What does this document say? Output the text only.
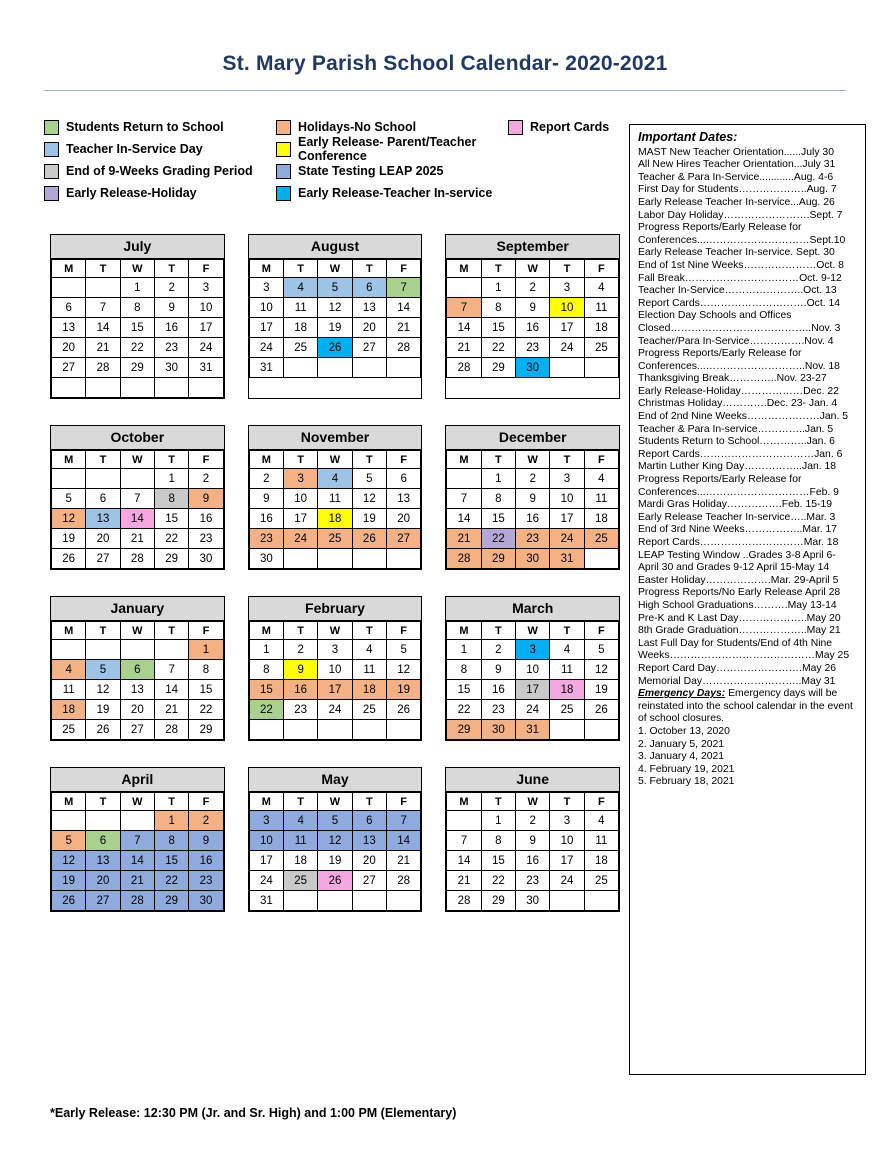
St. Mary Parish School Calendar- 2020-2021
Students Return to School	Holidays-No School	Report Cards
Teacher In-Service Day	Early Release- Parent/Teacher Conference

End of 9-Weeks Grading Period	State Testing LEAP 2025

Early Release-Holiday	Early Release-Teacher In-service

Important Dates:
MAST New Teacher Orientation......July 30
All New Hires Teacher Orientation...July 31
Teacher & Para In-Service............Aug. 4-6
First Day for Students………………..Aug. 7
Early Release Teacher In-service...Aug. 26
Labor Day Holiday…………………….Sept. 7
Progress Reports/Early Release for
Conferences...…………………………Sept.10
Early Release Teacher In-service. Sept. 30
End of 1st Nine Weeks…………………Oct. 8
Fall Break……………………………Oct. 9-12
Teacher In-Service…………………..Oct. 13
Report Cards………………………….Oct. 14
Election Day Schools and Offices
Closed…………………………………..Nov. 3
Teacher/Para In-Service…………….Nov. 4
Progress Reports/Early Release for
Conferences...………………………..Nov. 18
Thanksgiving Break…………..Nov. 23-27
Early Release-Holiday………………Dec. 22
Christmas Holiday………….Dec. 23- Jan. 4
End of 2nd Nine Weeks…………………Jan. 5
Teacher & Para In-service…………..Jan. 5
Students Return to School…………..Jan. 6
Report Cards……………………………Jan. 6
Martin Luther King Day……………..Jan. 18
Progress Reports/Early Release for
Conferences...…………………………Feb. 9
Mardi Gras Holiday…………….Feb. 15-19
Early Release Teacher In-service…..Mar. 3
End of 3rd Nine Weeks……………..Mar. 17
Report Cards…………………………Mar. 18
LEAP Testing Window ..Grades 3-8 April 6-
April 30 and Grades 9-12 April 15-May 14
Easter Holiday……………….Mar. 29-April 5
Progress Reports/No Early Release April 28
High School Graduations……….May 13-14
Pre-K and K Last Day………………..May 20
8th Grade Graduation………………..May 21
Last Full Day for Students/End of 4th Nine
Weeks……………………………………May 25
Report Card Day…………………….May 26
Memorial Day………………………..May 31
Emergency Days: Emergency days will be reinstated into the school calendar in the event of school closures.
1. October 13, 2020
2. January 5, 2021
3. January 4, 2021
4. February 19, 2021
5. February 18, 2021
July
M	T	W	T	F
		1	2	3
6	7	8	9	10
13	14	15	16	17
20	21	22	23	24
27	28	29	30	31

August
M	T	W	T	F
3	4	5	6	7
10	11	12	13	14
17	18	19	20	21
24	25	26	27	28
31				
September
M	T	W	T	F
	1	2	3	4
7	8	9	10	11
14	15	16	17	18
21	22	23	24	25
28	29	30		
October
M	T	W	T	F
			1	2
5	6	7	8	9
12	13	14	15	16
19	20	21	22	23
26	27	28	29	30
November
M	T	W	T	F
2	3	4	5	6
9	10	11	12	13
16	17	18	19	20
23	24	25	26	27
30				
December
M	T	W	T	F
	1	2	3	4
7	8	9	10	11
14	15	16	17	18
21	22	23	24	25
28	29	30	31	
January
M	T	W	T	F
				1
4	5	6	7	8
11	12	13	14	15
18	19	20	21	22
25	26	27	28	29
February
M	T	W	T	F
1	2	3	4	5
8	9	10	11	12
15	16	17	18	19
22	23	24	25	26

March
M	T	W	T	F
1	2	3	4	5
8	9	10	11	12
15	16	17	18	19
22	23	24	25	26
29	30	31		
April
M	T	W	T	F
			1	2
5	6	7	8	9
12	13	14	15	16
19	20	21	22	23
26	27	28	29	30
May
M	T	W	T	F
3	4	5	6	7
10	11	12	13	14
17	18	19	20	21
24	25	26	27	28
31				
June
M	T	W	T	F
	1	2	3	4
7	8	9	10	11
14	15	16	17	18
21	22	23	24	25
28	29	30		
*Early Release: 12:30 PM (Jr. and Sr. High) and 1:00 PM (Elementary)
